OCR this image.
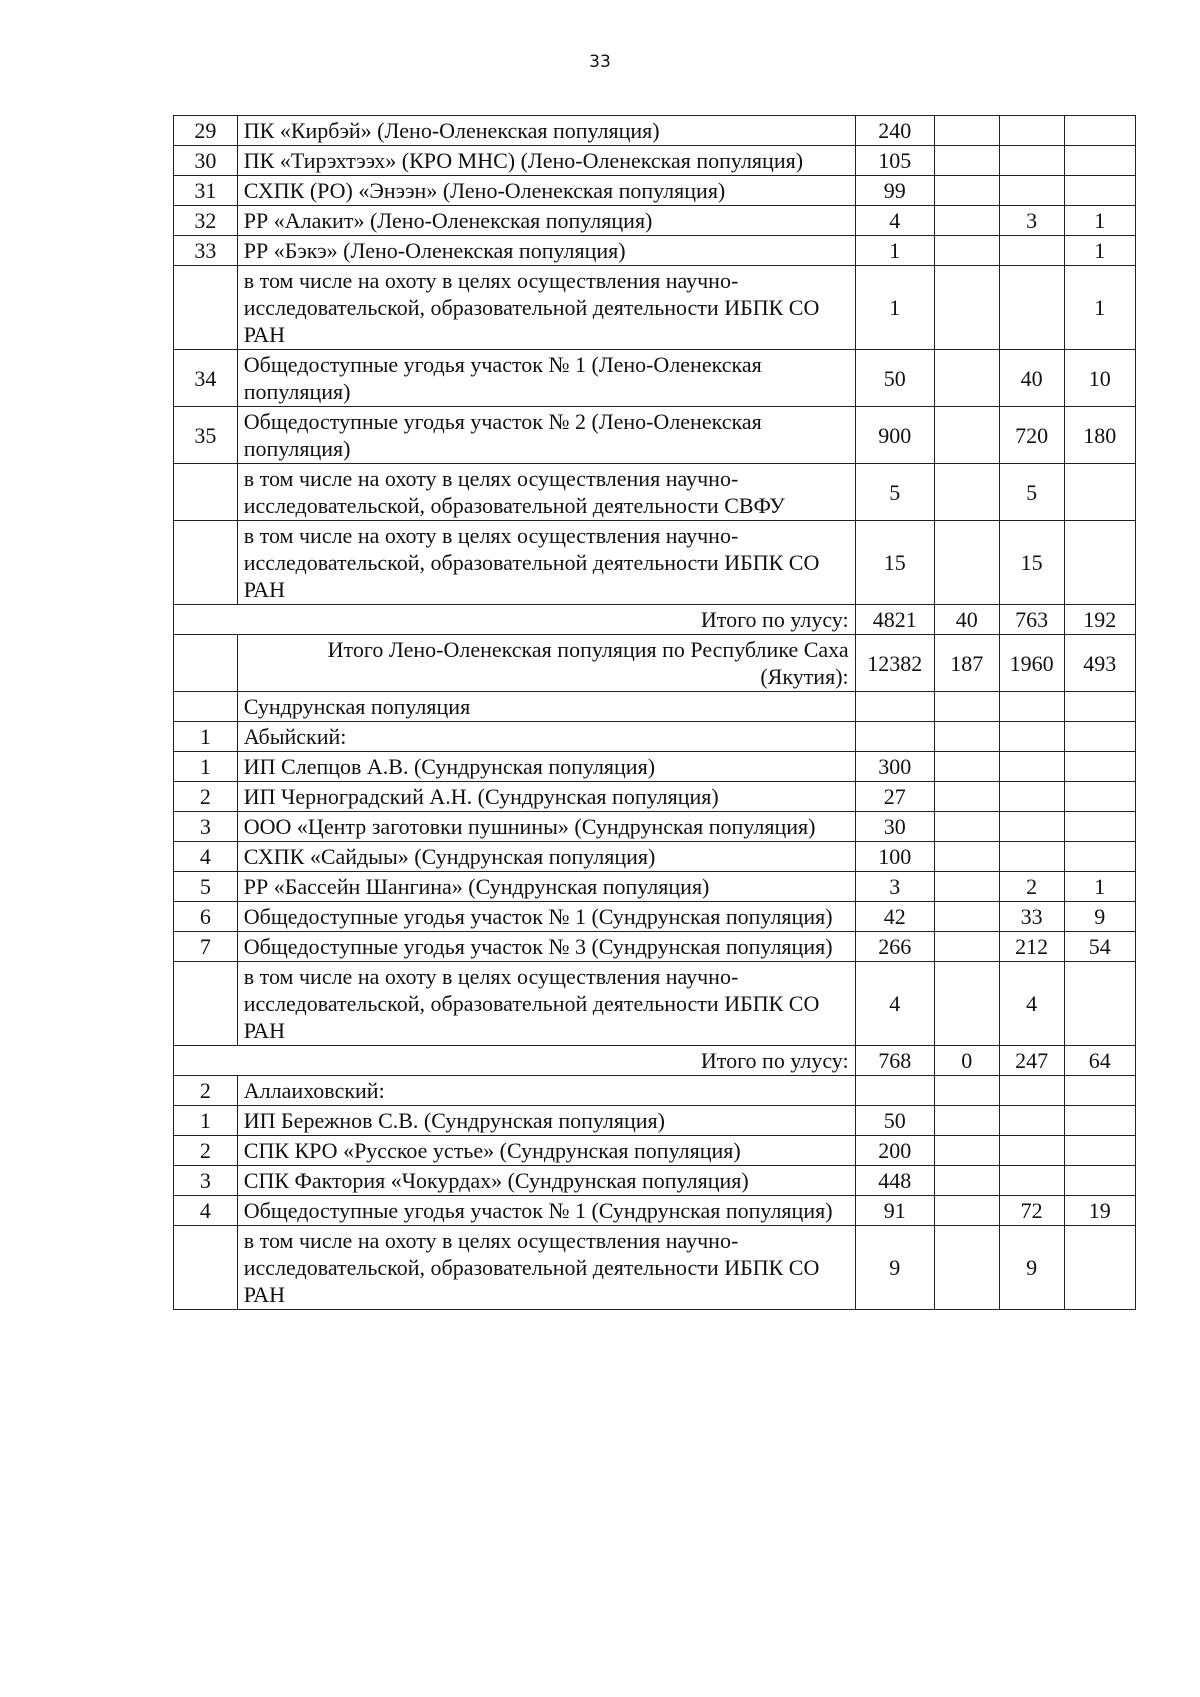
33
29	ПК «Кирбэй» (Лено-Оленекская популяция)	240			
30	ПК «Тирэхтээх» (КРО МНС) (Лено-Оленекская популяция)	105			
31	СХПК (РО) «Энээн» (Лено-Оленекская популяция)	99			
32	РР «Алакит» (Лено-Оленекская популяция)	4		3	1
33	РР «Бэкэ» (Лено-Оленекская популяция)	1			1
	в том числе на охоту в целях осуществления научно-исследовательской, образовательной деятельности ИБПК СО РАН	1			1
34	Общедоступные угодья участок № 1 (Лено-Оленекская популяция)	50		40	10
35	Общедоступные угодья участок № 2 (Лено-Оленекская популяция)	900		720	180
	в том числе на охоту в целях осуществления научно-исследовательской, образовательной деятельности СВФУ	5		5	
	в том числе на охоту в целях осуществления научно-исследовательской, образовательной деятельности ИБПК СО РАН	15		15	
Итого по улусу:		4821	40	763	192
	Итого Лено-Оленекская популяция по Республике Саха (Якутия):	12382	187	1960	493
	Сундрунская популяция				
1	Абыйский:				
1	ИП Слепцов А.В. (Сундрунская популяция)	300			
2	ИП Черноградский А.Н. (Сундрунская популяция)	27			
3	ООО «Центр заготовки пушнины» (Сундрунская популяция)	30			
4	СХПК «Сайдыы» (Сундрунская популяция)	100			
5	РР «Бассейн Шангина» (Сундрунская популяция)	3		2	1
6	Общедоступные угодья участок № 1 (Сундрунская популяция)	42		33	9
7	Общедоступные угодья участок № 3 (Сундрунская популяция)	266		212	54
	в том числе на охоту в целях осуществления научно-исследовательской, образовательной деятельности ИБПК СО РАН	4		4	
Итого по улусу:		768	0	247	64
2	Аллаиховский:				
1	ИП Бережнов С.В. (Сундрунская популяция)	50			
2	СПК КРО «Русское устье» (Сундрунская популяция)	200			
3	СПК Фактория «Чокурдах» (Сундрунская популяция)	448			
4	Общедоступные угодья участок № 1 (Сундрунская популяция)	91		72	19
	в том числе на охоту в целях осуществления научно-исследовательской, образовательной деятельности ИБПК СО РАН	9		9	
